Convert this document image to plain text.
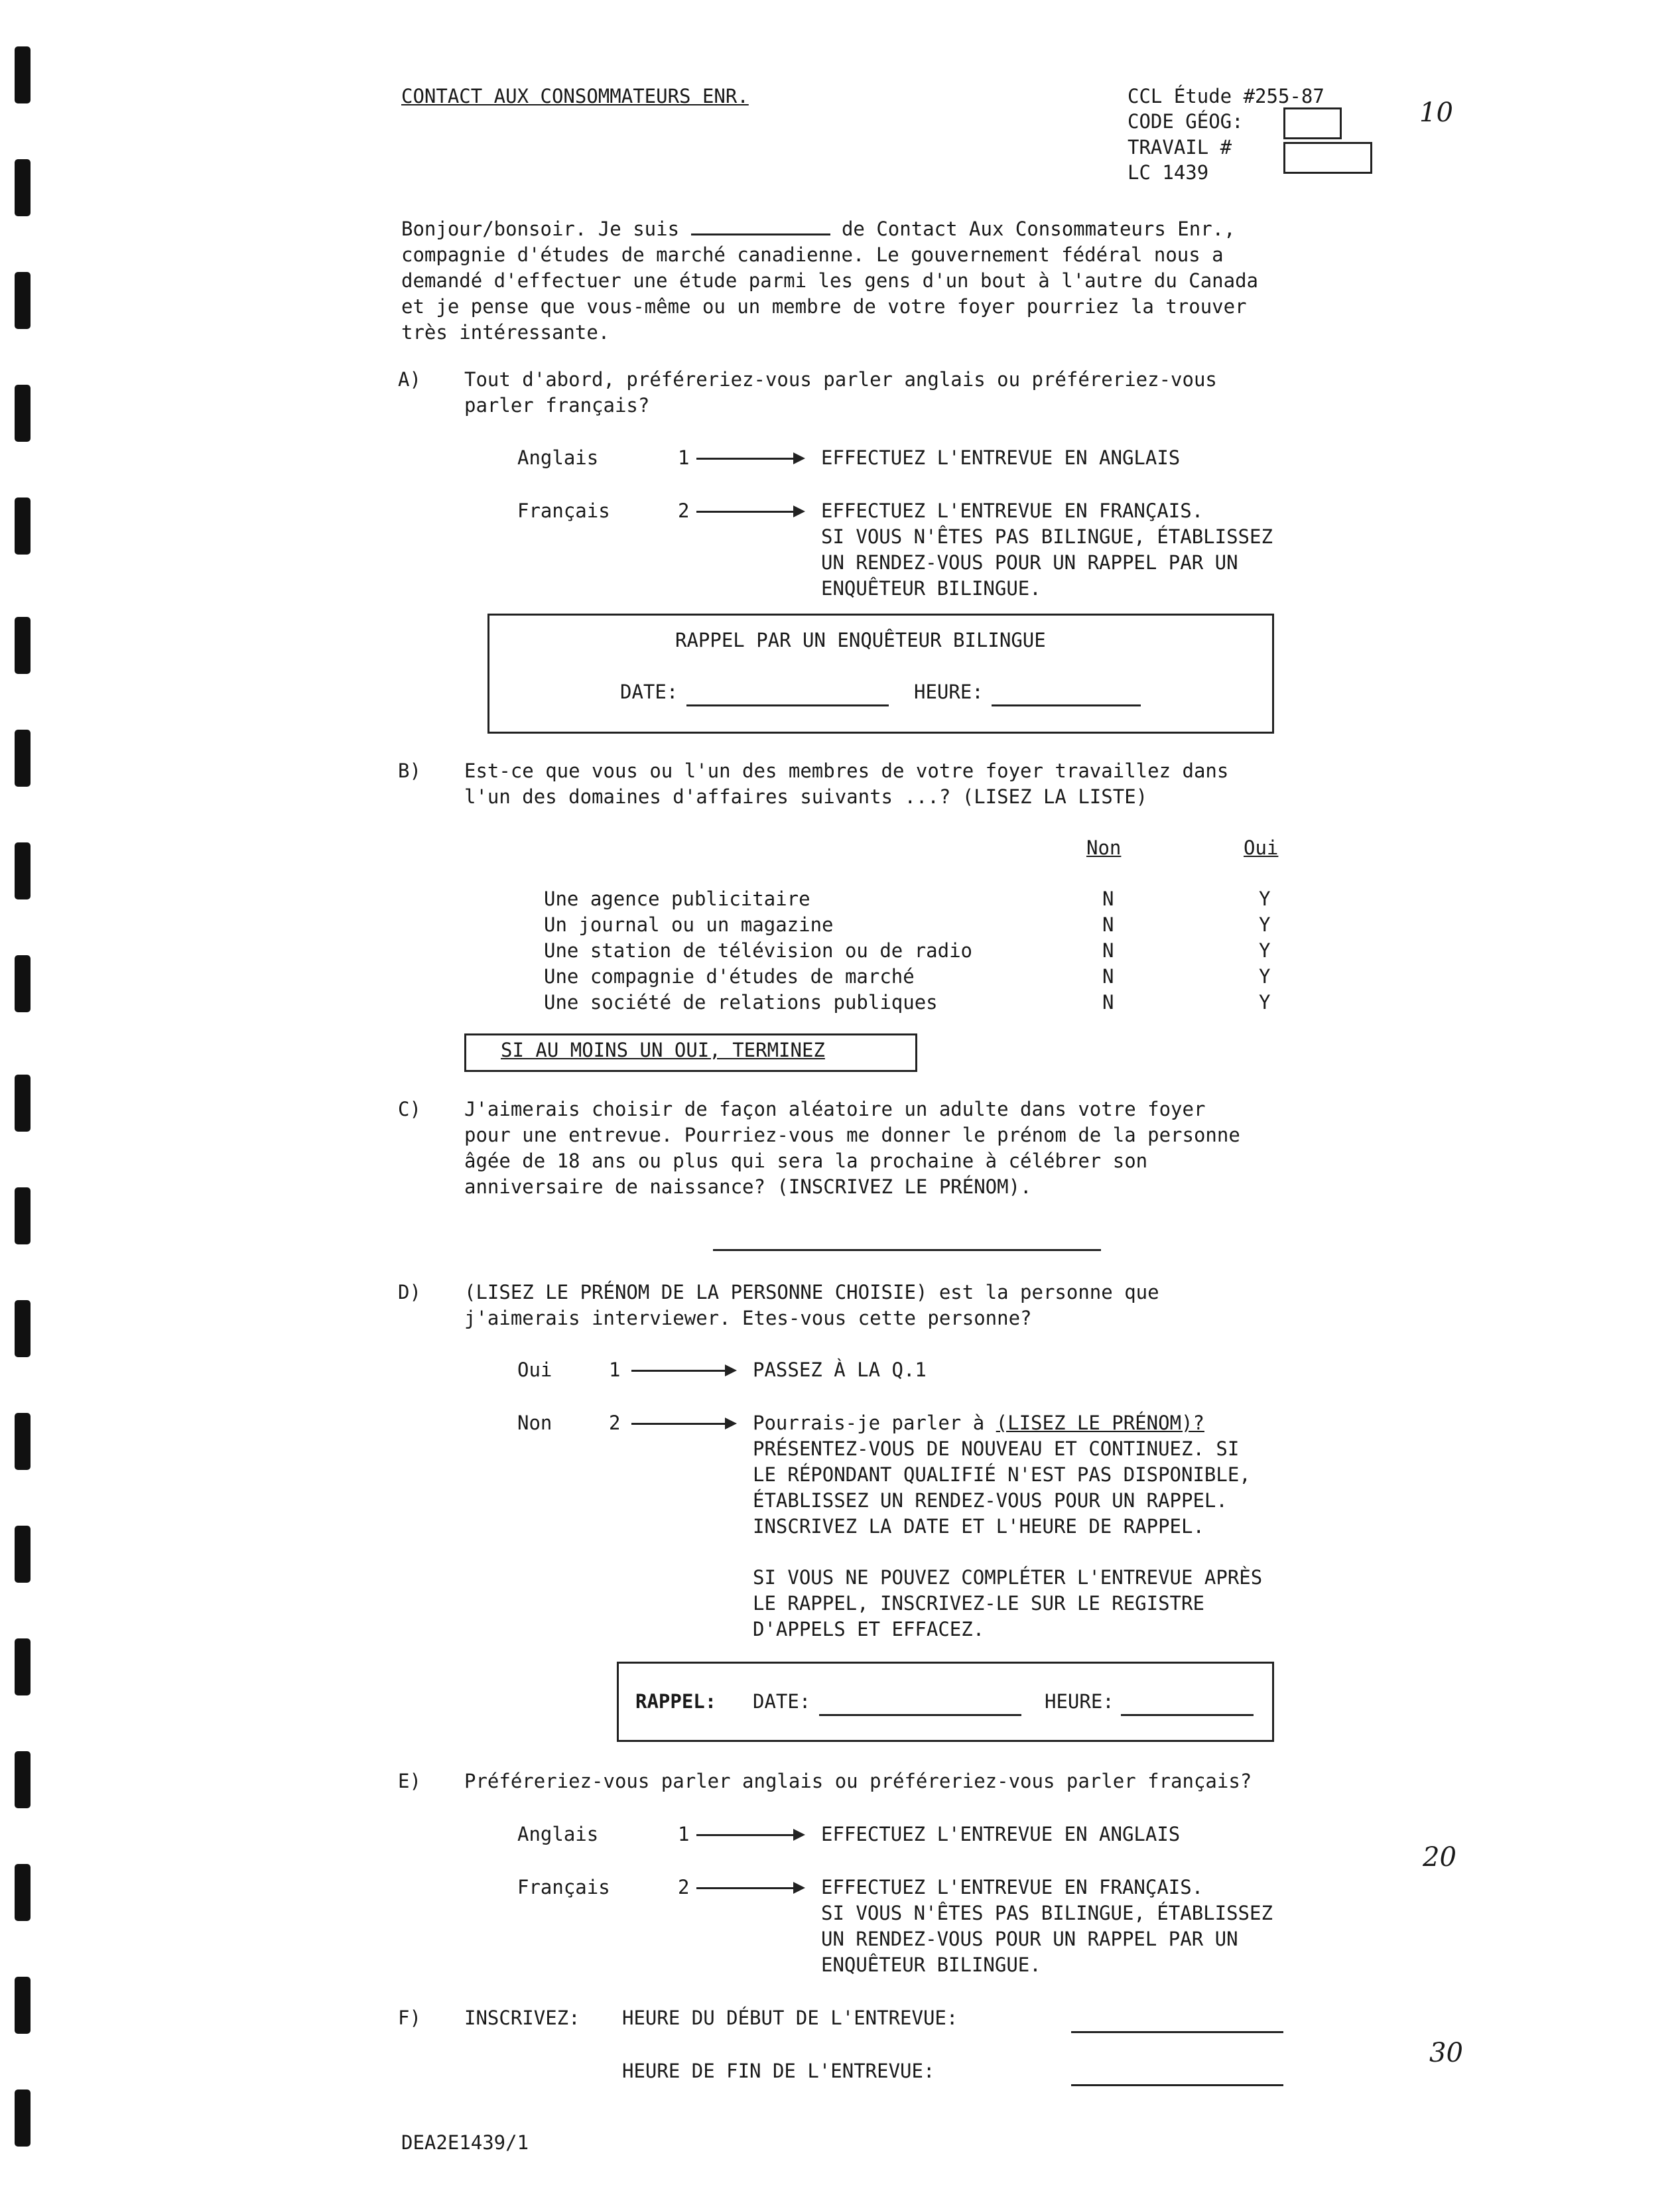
CONTACT AUX CONSOMMATEURS ENR.	CCL Étude #255-87
CODE GÉOG:
TRAVAIL #
LC 1439
10
Bonjour/bonsoir. Je suis	de Contact Aux Consommateurs Enr.,
compagnie d'études de marché canadienne. Le gouvernement fédéral nous a
demandé d'effectuer une étude parmi les gens d'un bout à l'autre du Canada
et je pense que vous-même ou un membre de votre foyer pourriez la trouver
très intéressante.
A) Tout d'abord, préféreriez-vous parler anglais ou préféreriez-vous
parler français?
Anglais	1	EFFECTUEZ L'ENTREVUE EN ANGLAIS
Français	2	EFFECTUEZ L'ENTREVUE EN FRANÇAIS.
SI VOUS N'ÊTES PAS BILINGUE, ÉTABLISSEZ
UN RENDEZ-VOUS POUR UN RAPPEL PAR UN
ENQUÊTEUR BILINGUE.
RAPPEL PAR UN ENQUÊTEUR BILINGUE
DATE:	HEURE:
B) Est-ce que vous ou l'un des membres de votre foyer travaillez dans
l'un des domaines d'affaires suivants ...? (LISEZ LA LISTE)
Non	Oui
Une agence publicitaire	N	Y
Un journal ou un magazine	N	Y
Une station de télévision ou de radio	N	Y
Une compagnie d'études de marché	N	Y
Une société de relations publiques	N	Y
SI AU MOINS UN OUI, TERMINEZ
C) J'aimerais choisir de façon aléatoire un adulte dans votre foyer
pour une entrevue. Pourriez-vous me donner le prénom de la personne
âgée de 18 ans ou plus qui sera la prochaine à célébrer son
anniversaire de naissance? (INSCRIVEZ LE PRÉNOM).
D) (LISEZ LE PRÉNOM DE LA PERSONNE CHOISIE) est la personne que
j'aimerais interviewer. Etes-vous cette personne?
Oui	1	PASSEZ À LA Q.1
Non	2	Pourrais-je parler à (LISEZ LE PRÉNOM)?
PRÉSENTEZ-VOUS DE NOUVEAU ET CONTINUEZ. SI
LE RÉPONDANT QUALIFIÉ N'EST PAS DISPONIBLE,
ÉTABLISSEZ UN RENDEZ-VOUS POUR UN RAPPEL.
INSCRIVEZ LA DATE ET L'HEURE DE RAPPEL.
SI VOUS NE POUVEZ COMPLÉTER L'ENTREVUE APRÈS
LE RAPPEL, INSCRIVEZ-LE SUR LE REGISTRE
D'APPELS ET EFFACEZ.
RAPPEL: DATE:	HEURE:
E) Préféreriez-vous parler anglais ou préféreriez-vous parler français?
Anglais	1	EFFECTUEZ L'ENTREVUE EN ANGLAIS
Français	2	EFFECTUEZ L'ENTREVUE EN FRANÇAIS.
SI VOUS N'ÊTES PAS BILINGUE, ÉTABLISSEZ
UN RENDEZ-VOUS POUR UN RAPPEL PAR UN
ENQUÊTEUR BILINGUE.
20
F) INSCRIVEZ: HEURE DU DÉBUT DE L'ENTREVUE:
HEURE DE FIN DE L'ENTREVUE:
30
DEA2E1439/1
